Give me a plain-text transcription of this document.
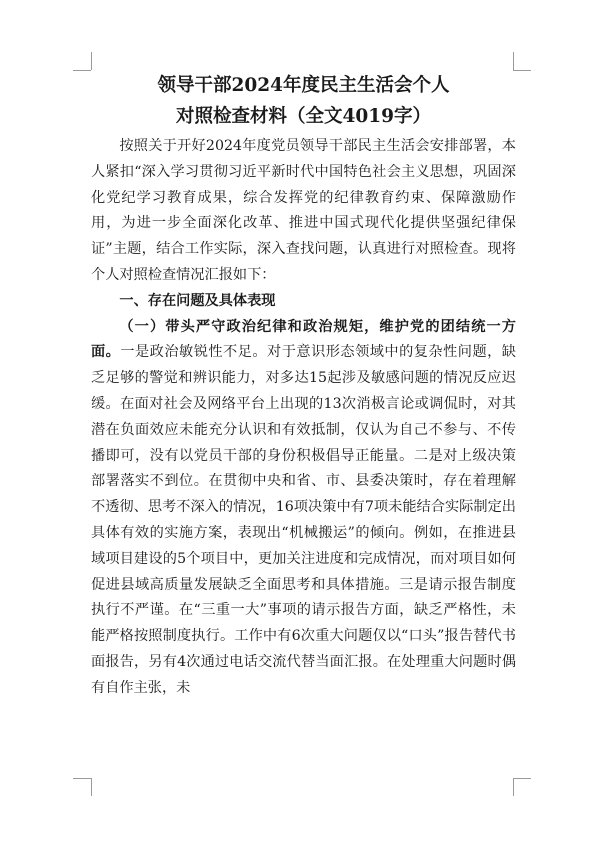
领导干部2024年度民主生活会个人

对照检查材料（全文4019字）

按照关于开好2024年度党员领导干部民主生活会安排部署，本人紧扣“深入学习贯彻习近平新时代中国特色社会主义思想，巩固深化党纪学习教育成果，综合发挥党的纪律教育约束、保障激励作用，为进一步全面深化改革、推进中国式现代化提供坚强纪律保证”主题，结合工作实际，深入查找问题，认真进行对照检查。现将个人对照检查情况汇报如下：

一、存在问题及具体表现

（一）带头严守政治纪律和政治规矩，维护党的团结统一方面。一是政治敏锐性不足。对于意识形态领域中的复杂性问题，缺乏足够的警觉和辨识能力，对多达15起涉及敏感问题的情况反应迟缓。在面对社会及网络平台上出现的13次消极言论或调侃时，对其潜在负面效应未能充分认识和有效抵制，仅认为自己不参与、不传播即可，没有以党员干部的身份积极倡导正能量。二是对上级决策部署落实不到位。在贯彻中央和省、市、县委决策时，存在着理解不透彻、思考不深入的情况，16项决策中有7项未能结合实际制定出具体有效的实施方案，表现出“机械搬运”的倾向。例如，在推进县域项目建设的5个项目中，更加关注进度和完成情况，而对项目如何促进县域高质量发展缺乏全面思考和具体措施。三是请示报告制度执行不严谨。在“三重一大”事项的请示报告方面，缺乏严格性，未能严格按照制度执行。工作中有6次重大问题仅以“口头”报告替代书面报告，另有4次通过电话交流代替当面汇报。在处理重大问题时偶有自作主张，未
